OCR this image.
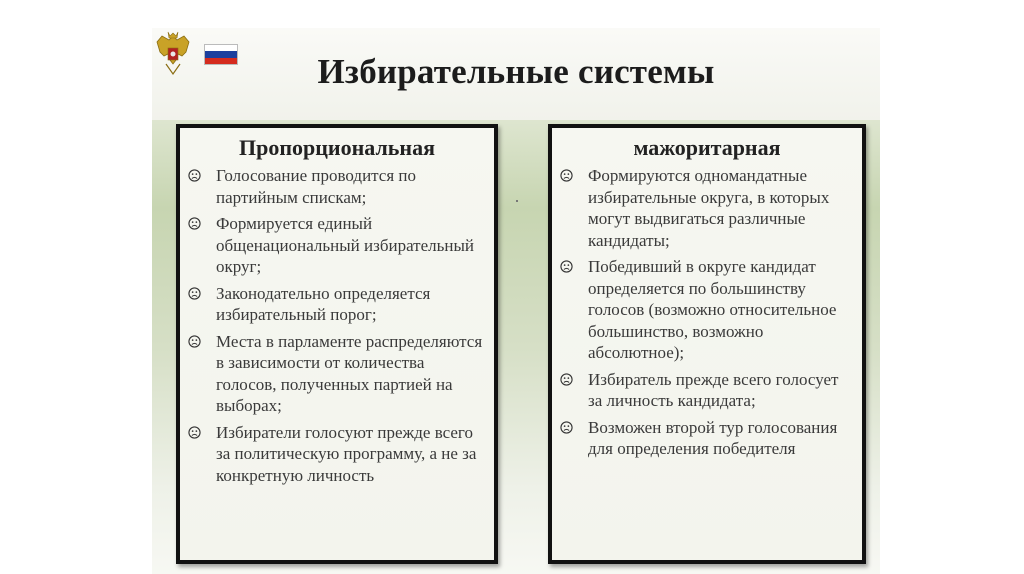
Избирательные системы
Пропорциональная
Голосование проводится по партийным спискам;
Формируется единый общенациональный избирательный округ;
Законодательно определяется избирательный порог;
Места в парламенте распределяются в зависимости от количества голосов, полученных партией на выборах;
Избиратели голосуют прежде всего за политическую программу, а не за конкретную личность
мажоритарная
Формируются одномандатные избирательные округа, в которых могут выдвигаться различные кандидаты;
Победивший в округе кандидат определяется по большинству голосов (возможно относительное большинство, возможно абсолютное);
Избиратель прежде всего голосует за личность кандидата;
Возможен второй тур голосования для определения победителя
